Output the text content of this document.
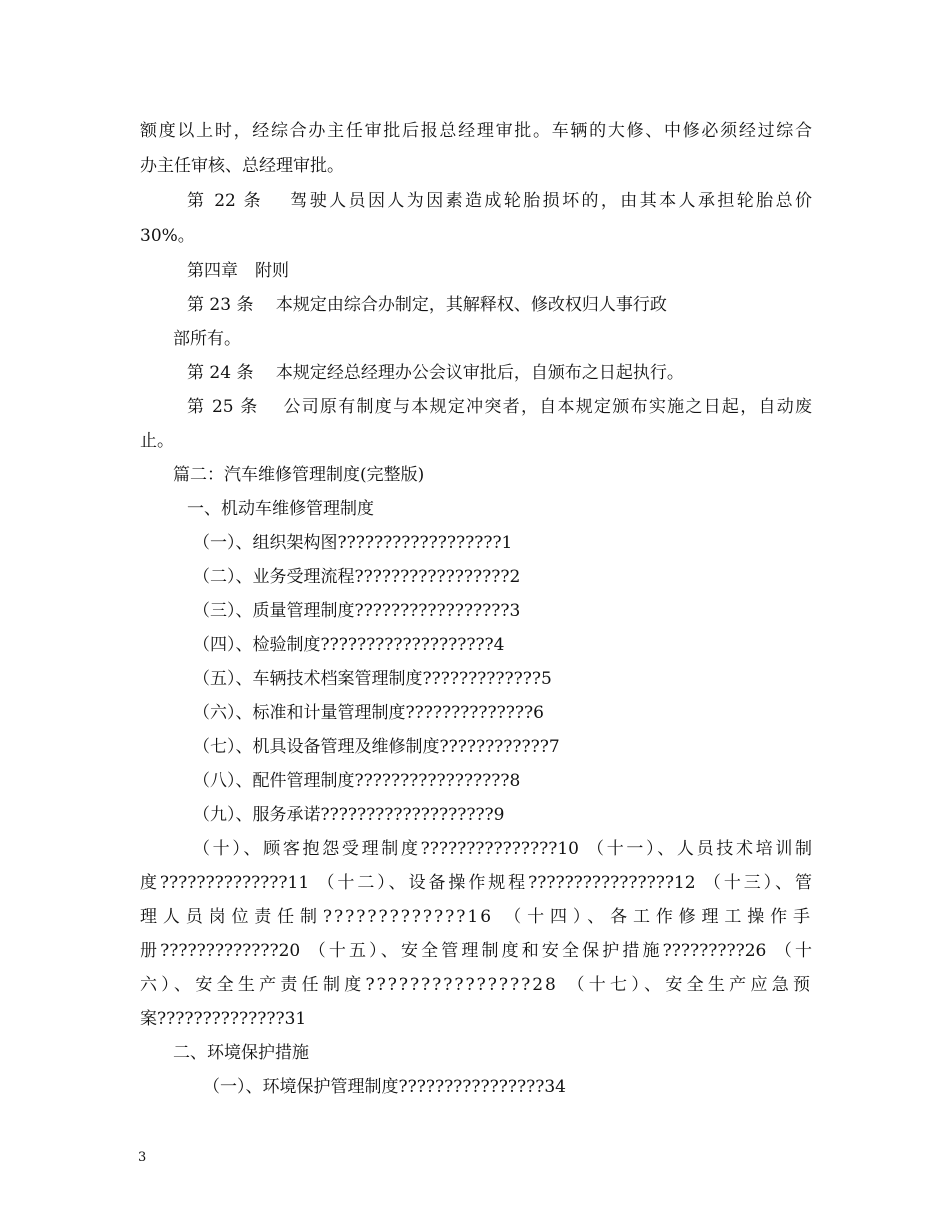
额度以上时，经综合办主任审批后报总经理审批。车辆的大修、中修必须经过综合
办主任审核、总经理审批。
第 22 条　 驾驶人员因人为因素造成轮胎损坏的，由其本人承担轮胎总价
30%。
第四章　附则
第 23 条　 本规定由综合办制定，其解释权、修改权归人事行政
部所有。
第 24 条　 本规定经总经理办公会议审批后，自颁布之日起执行。
第 25 条　 公司原有制度与本规定冲突者，自本规定颁布实施之日起，自动废
止。
篇二：汽车维修管理制度(完整版)
一、机动车维修管理制度
（一）、组织架构图??????????????????1
（二）、业务受理流程?????????????????2
（三）、质量管理制度?????????????????3
（四）、检验制度???????????????????4
（五）、车辆技术档案管理制度?????????????5
（六）、标准和计量管理制度??????????????6
（七）、机具设备管理及维修制度????????????7
（八）、配件管理制度?????????????????8
（九）、服务承诺???????????????????9
（十）、顾客抱怨受理制度???????????????10 （十一）、人员技术培训制
度??????????????11 （十二）、设备操作规程????????????????12 （十三）、管
理人员岗位责任制?????????????16 （十四）、各工作修理工操作手
册?????????????20 （十五）、安全管理制度和安全保护措施?????????26 （十
六）、安全生产责任制度???????????????28 （十七）、安全生产应急预
案??????????????31
二、环境保护措施
（一）、环境保护管理制度????????????????34
3
